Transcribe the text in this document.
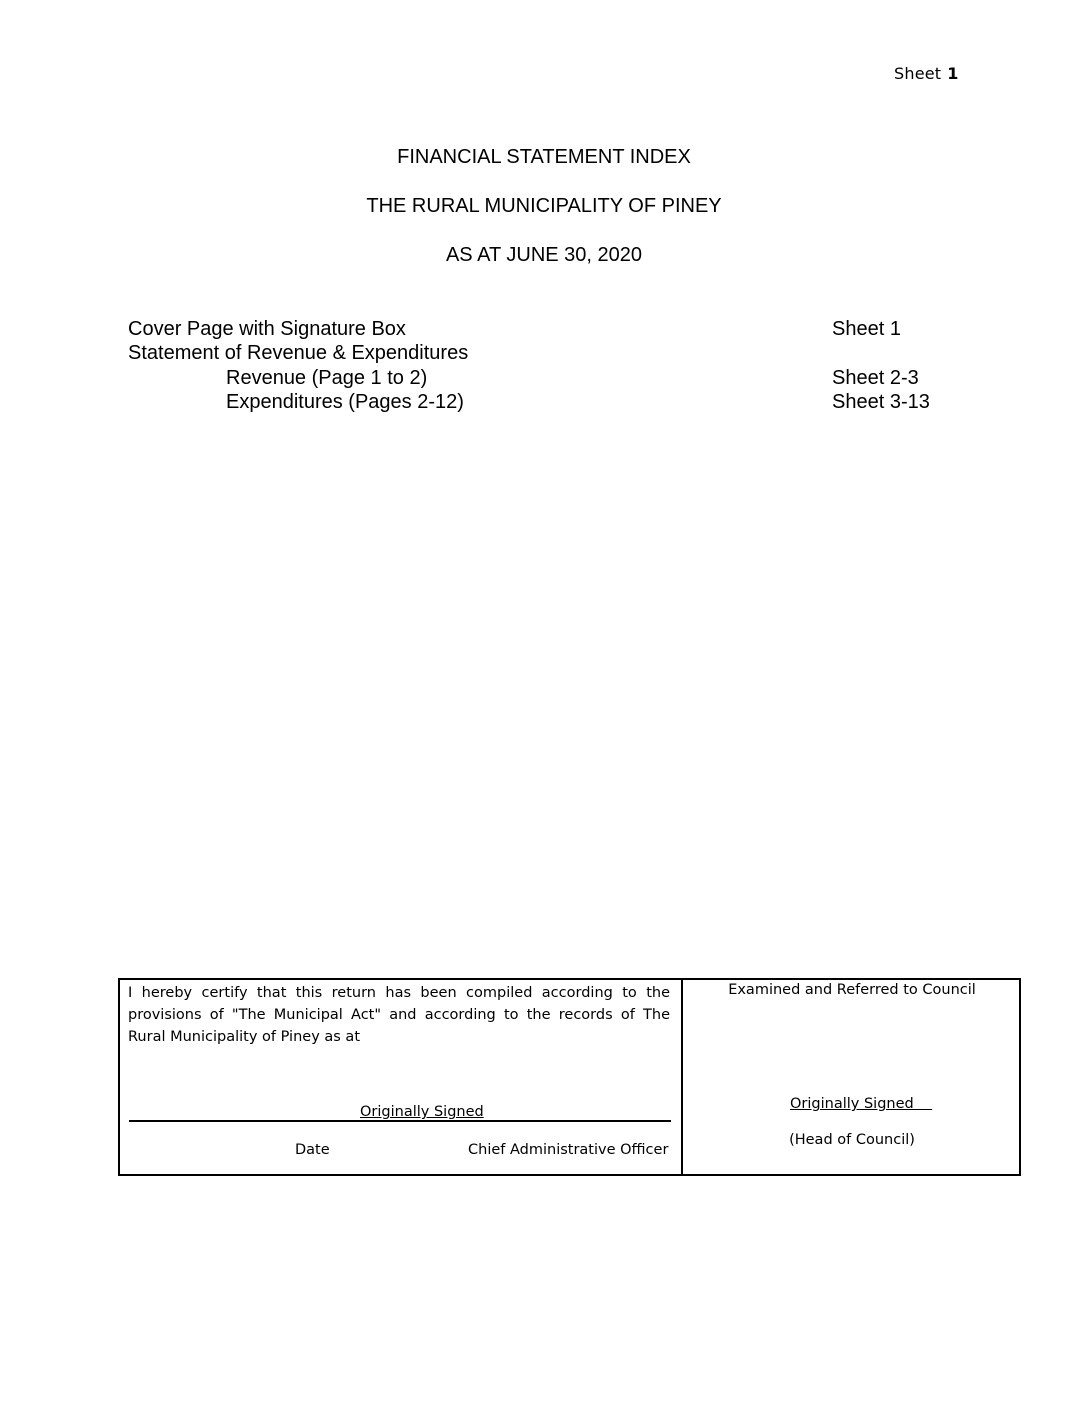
Sheet 1
FINANCIAL STATEMENT INDEX
THE RURAL MUNICIPALITY OF PINEY
AS AT JUNE 30, 2020
Cover Page with Signature Box	Sheet 1
Statement of Revenue & Expenditures
Revenue (Page 1 to 2)	Sheet 2-3
Expenditures (Pages 2-12)	Sheet 3-13
I hereby certify that this return has been compiled according to the provisions of "The Municipal Act" and according to the records of The Rural Municipality of Piney as at
Originally Signed
Date	Chief Administrative Officer
Examined and Referred to Council
Originally Signed
(Head of Council)
